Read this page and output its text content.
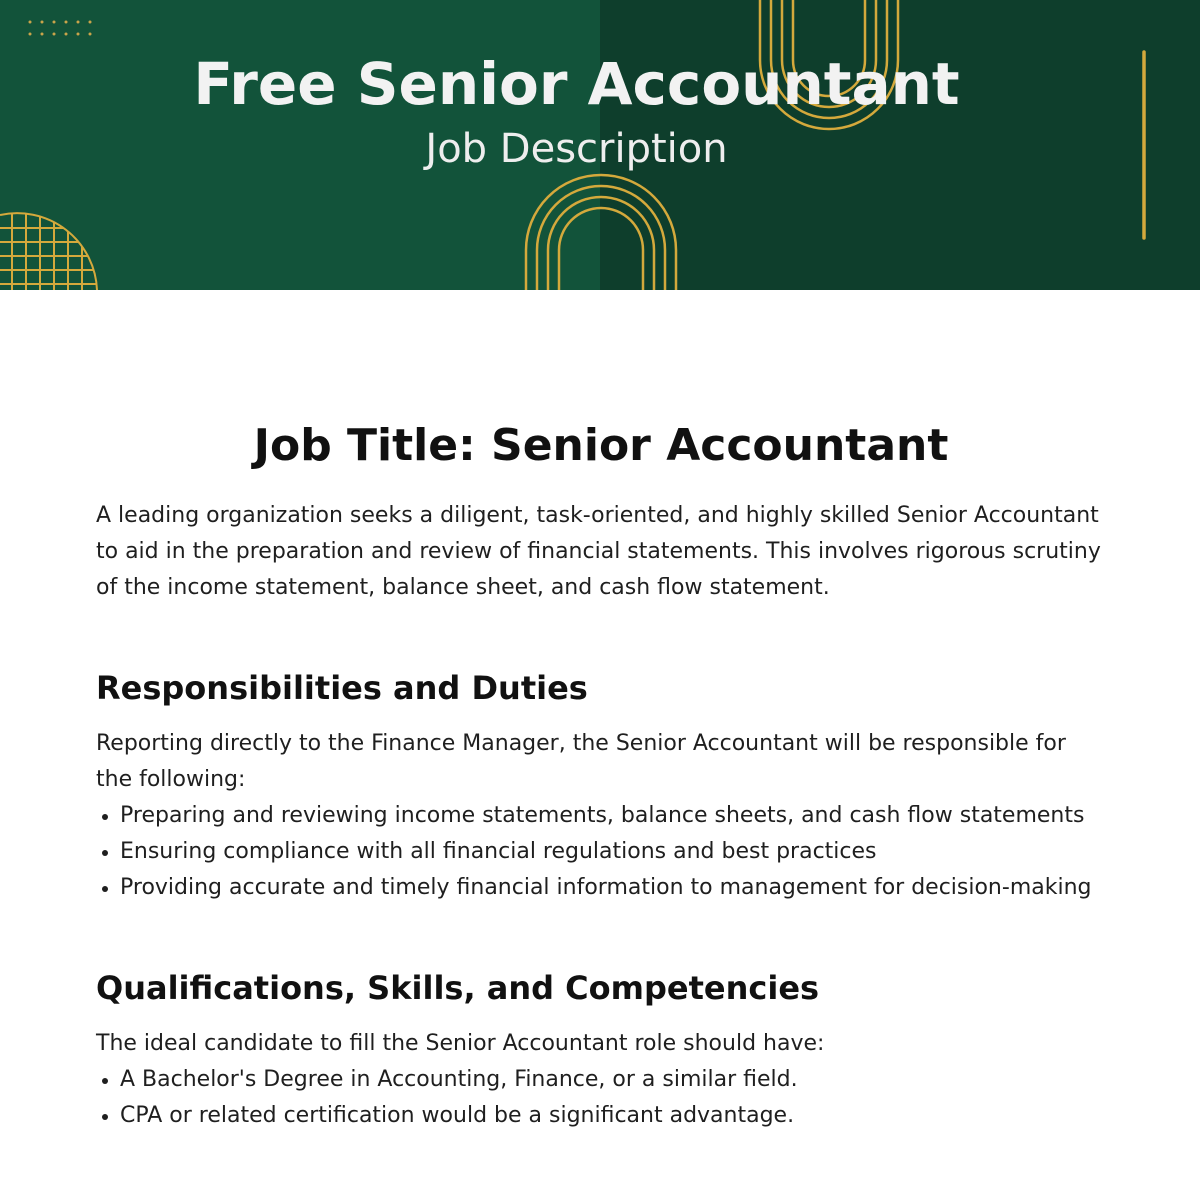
Free Senior Accountant
Job Description
Job Title: Senior Accountant

A leading organization seeks a diligent, task-oriented, and highly skilled Senior Accountant to aid in the preparation and review of financial statements. This involves rigorous scrutiny of the income statement, balance sheet, and cash flow statement.

Responsibilities and Duties

Reporting directly to the Finance Manager, the Senior Accountant will be responsible for the following:

Preparing and reviewing income statements, balance sheets, and cash flow statements
Ensuring compliance with all financial regulations and best practices
Providing accurate and timely financial information to management for decision-making
Qualifications, Skills, and Competencies

The ideal candidate to fill the Senior Accountant role should have:

A Bachelor's Degree in Accounting, Finance, or a similar field.
CPA or related certification would be a significant advantage.
